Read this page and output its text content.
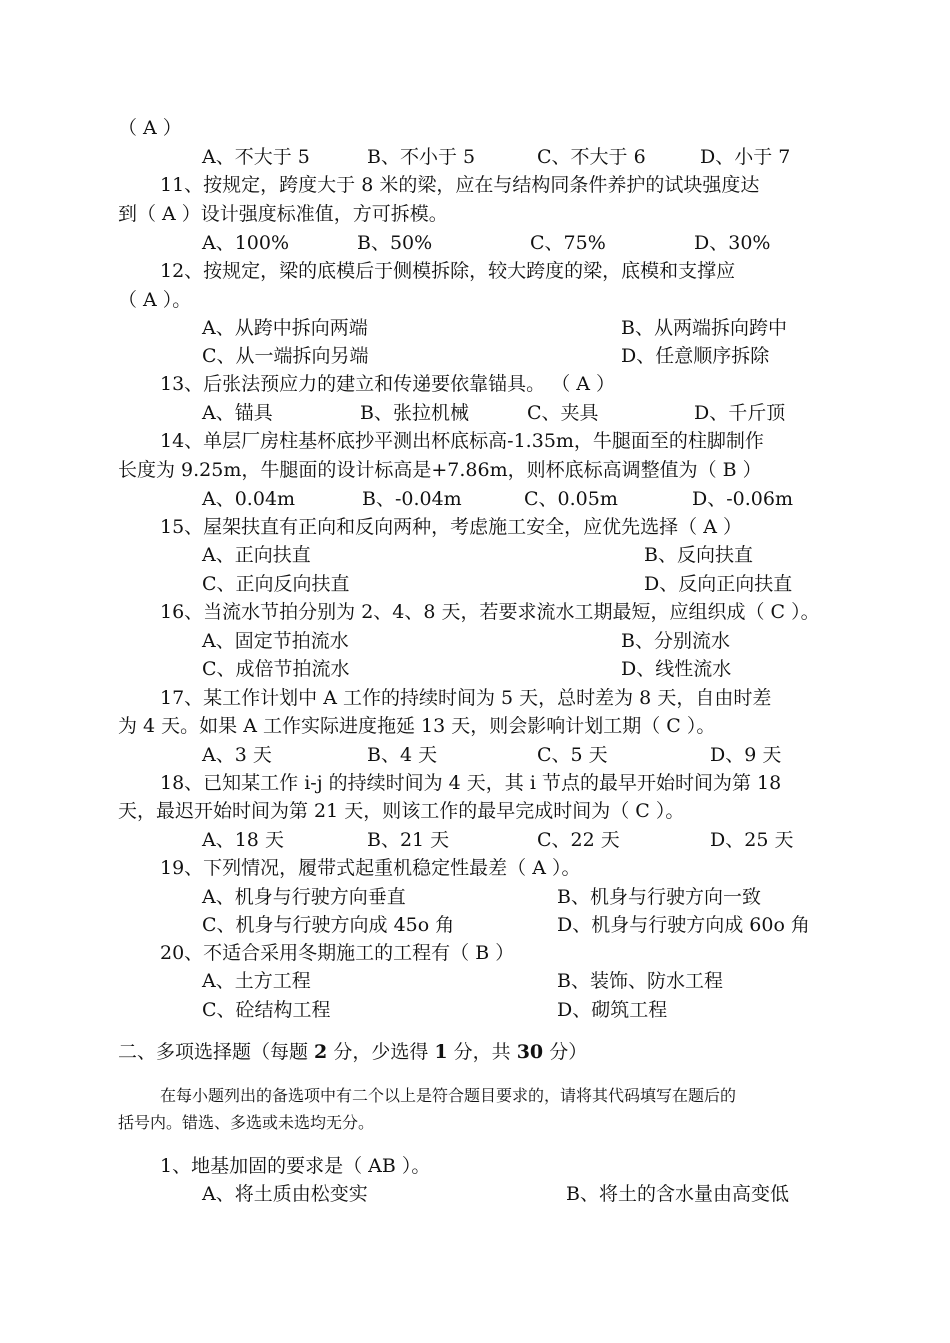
（ A ）
A、不大于 5	B、不小于 5	C、不大于 6	D、小于 7
11、按规定，跨度大于 8 米的梁，应在与结构同条件养护的试块强度达
到（ A ）设计强度标准值，方可拆模。
A、100%	B、50%	C、75%	D、30%
12、按规定，梁的底模后于侧模拆除，较大跨度的梁，底模和支撑应
（ A ）。
A、从跨中拆向两端	B、从两端拆向跨中
C、从一端拆向另端	D、任意顺序拆除
13、后张法预应力的建立和传递要依靠锚具。 （ A ）
A、锚具	B、张拉机械	C、夹具	D、千斤顶
14、单层厂房柱基杯底抄平测出杯底标高-1.35m，牛腿面至的柱脚制作
长度为 9.25m，牛腿面的设计标高是+7.86m，则杯底标高调整值为（ B ）
A、0.04m	B、-0.04m	C、0.05m	D、-0.06m
15、屋架扶直有正向和反向两种，考虑施工安全，应优先选择（ A ）
A、正向扶直	B、反向扶直
C、正向反向扶直	D、反向正向扶直
16、当流水节拍分别为 2、4、8 天，若要求流水工期最短，应组织成（ C ）。
A、固定节拍流水	B、分别流水
C、成倍节拍流水	D、线性流水
17、某工作计划中 A 工作的持续时间为 5 天，总时差为 8 天，自由时差
为 4 天。如果 A 工作实际进度拖延 13 天，则会影响计划工期（ C ）。
A、3 天	B、4 天	C、5 天	D、9 天
18、已知某工作 i-j 的持续时间为 4 天，其 i 节点的最早开始时间为第 18
天，最迟开始时间为第 21 天，则该工作的最早完成时间为（ C ）。
A、18 天	B、21 天	C、22 天	D、25 天
19、下列情况，履带式起重机稳定性最差（ A ）。
A、机身与行驶方向垂直	B、机身与行驶方向一致
C、机身与行驶方向成 45o 角	D、机身与行驶方向成 60o 角
20、不适合采用冬期施工的工程有（ B ）
A、土方工程	B、装饰、防水工程
C、砼结构工程	D、砌筑工程
二、多项选择题（每题 2 分，少选得 1 分，共 30 分）
在每小题列出的备选项中有二个以上是符合题目要求的，请将其代码填写在题后的
括号内。错选、多选或未选均无分。
1、地基加固的要求是（ AB ）。
A、将土质由松变实	B、将土的含水量由高变低
